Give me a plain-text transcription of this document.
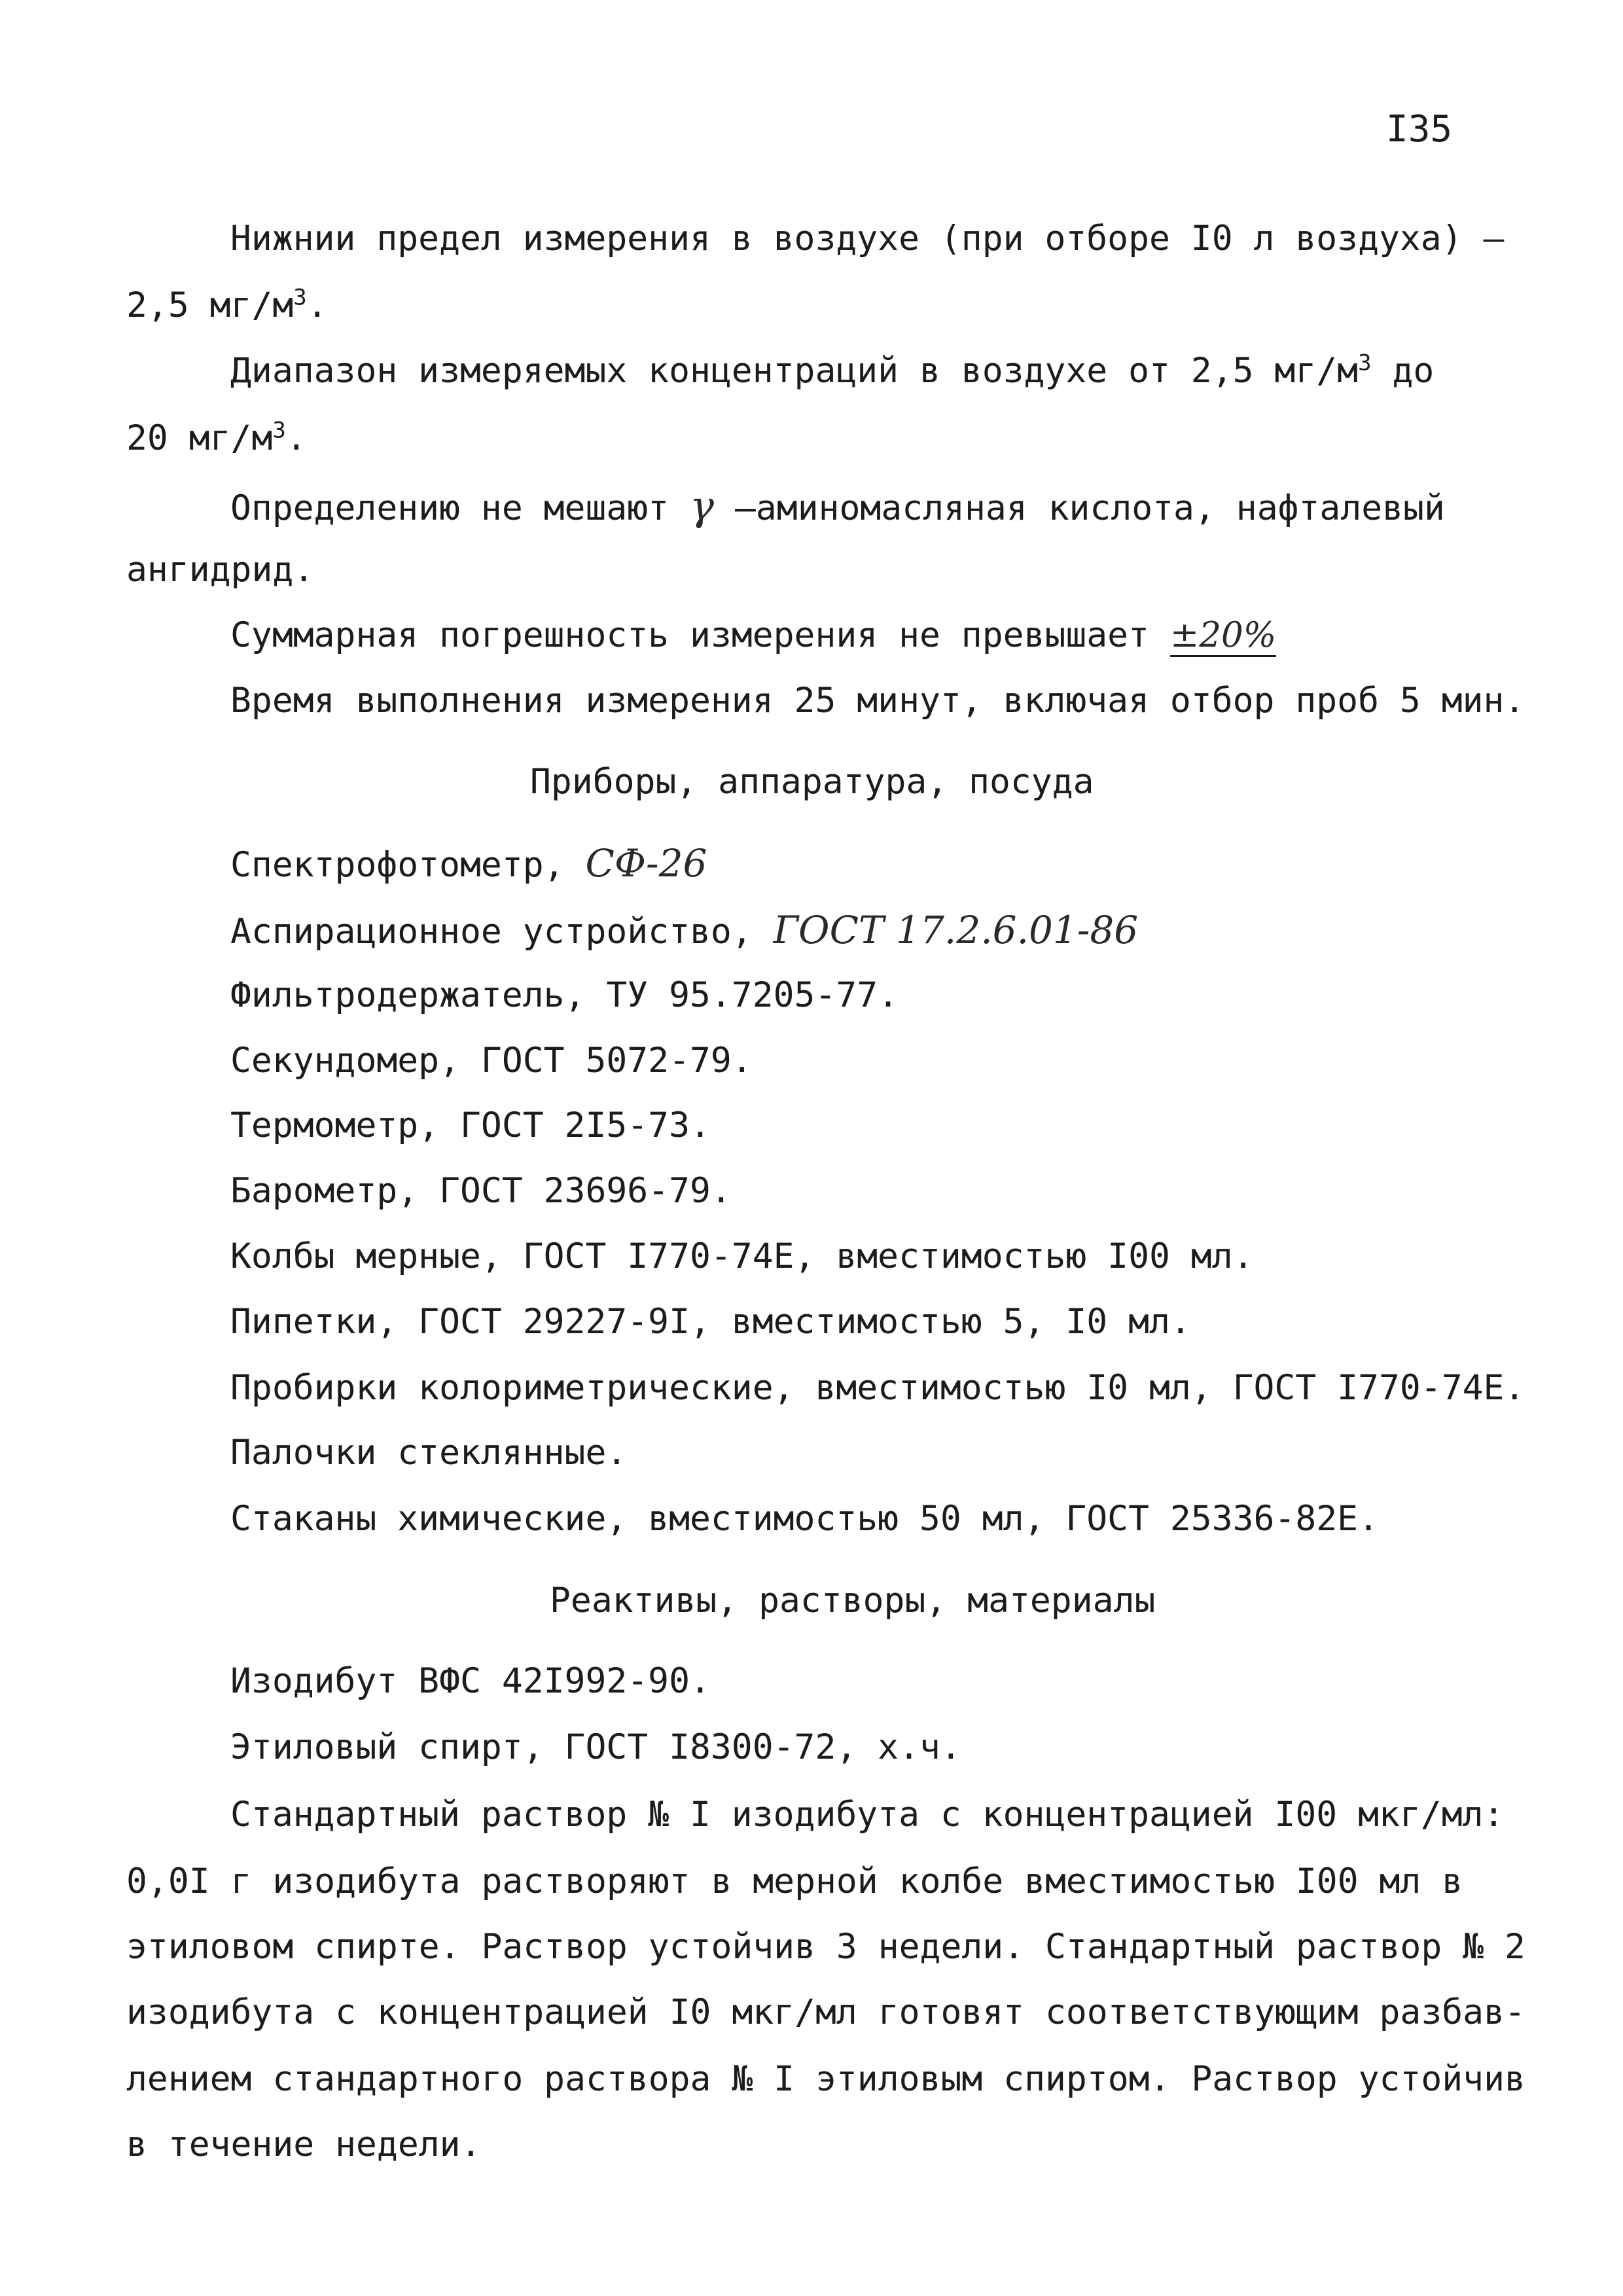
I35
Нижнии предел измерения в воздухе (при отборе I0 л воздуха) –
2,5 $мг/м^3$.
Диапазон измеряемых концентраций в воздухе от 2,5 $мг/м^3$ до
20 $мг/м^3$.
Определению не мешают γ –аминомасляная кислота, нафталевый
ангидрид.
Суммарная погрешность измерения не превышает ±20%
Время выполнения измерения 25 минут, включая отбор проб 5 мин.
Приборы, аппаратура, посуда
Спектрофотометр, СФ-26
Аспирационное устройство, ГОСТ 17.2.6.01-86
Фильтродержатель, ТУ 95.7205-77.
Секундомер, ГОСТ 5072-79.
Термометр, ГОСТ 2I5-73.
Барометр, ГОСТ 23696-79.
Колбы мерные, ГОСТ I770-74Е, вместимостью I00 мл.
Пипетки, ГОСТ 29227-9I, вместимостью 5, I0 мл.
Пробирки колориметрические, вместимостью I0 мл, ГОСТ I770-74Е.
Палочки стеклянные.
Стаканы химические, вместимостью 50 мл, ГОСТ 25336-82Е.
Реактивы, растворы, материалы
Изодибут ВФС 42I992-90.
Этиловый спирт, ГОСТ I8300-72, х.ч.
Стандартный раствор № I изодибута с концентрацией I00 мкг/мл:
0,0I г изодибута растворяют в мерной колбе вместимостью I00 мл в
этиловом спирте. Раствор устойчив 3 недели. Стандартный раствор № 2
изодибута с концентрацией I0 мкг/мл готовят соответствующим разбав-
лением стандартного раствора № I этиловым спиртом. Раствор устойчив
в течение недели.
